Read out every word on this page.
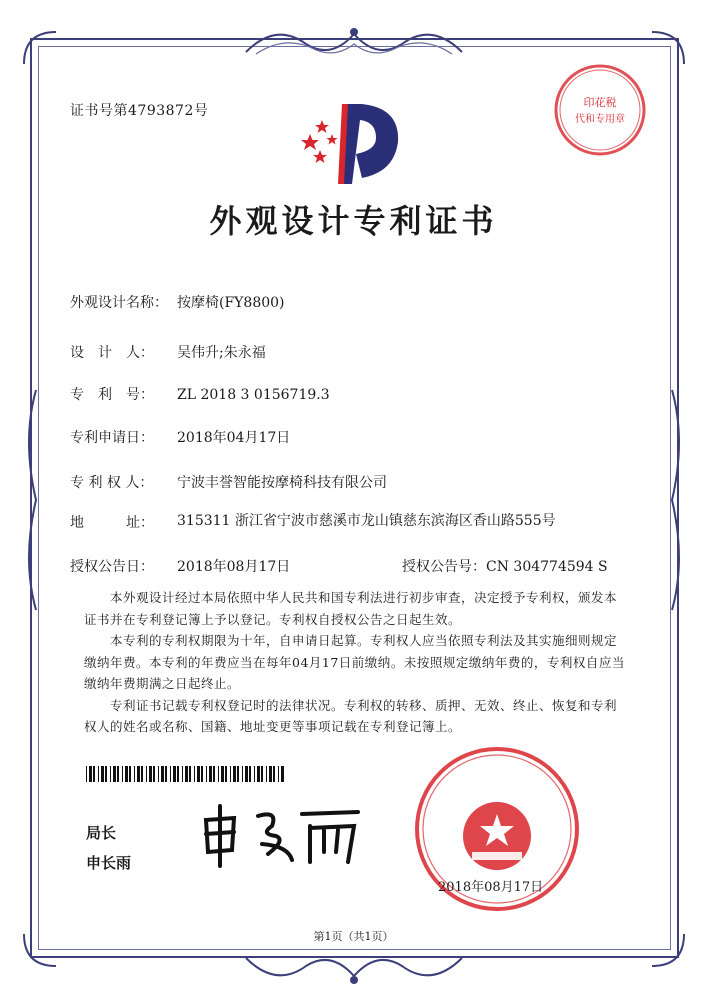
证书号第4793872号
印花税
代和专用章
外观设计专利证书
外观设计名称： 按摩椅(FY8800)
设　计　人： 吴伟升;朱永福
专　利　号： ZL 2018 3 0156719.3
专利申请日： 2018年04月17日
专 利 权 人： 宁波丰誉智能按摩椅科技有限公司
地　　　址：	315311 浙江省宁波市慈溪市龙山镇慈东滨海区香山路555号
授权公告日： 2018年08月17日	授权公告号：CN 304774594 S

本外观设计经过本局依照中华人民共和国专利法进行初步审查，决定授予专利权，颁发本证书并在专利登记簿上予以登记。专利权自授权公告之日起生效。

本专利的专利权期限为十年，自申请日起算。专利权人应当依照专利法及其实施细则规定缴纳年费。本专利的年费应当在每年04月17日前缴纳。未按照规定缴纳年费的，专利权自应当缴纳年费期满之日起终止。

专利证书记载专利权登记时的法律状况。专利权的转移、质押、无效、终止、恢复和专利权人的姓名或名称、国籍、地址变更等事项记载在专利登记簿上。

局长
申长雨
2018年08月17日
第1页（共1页）
